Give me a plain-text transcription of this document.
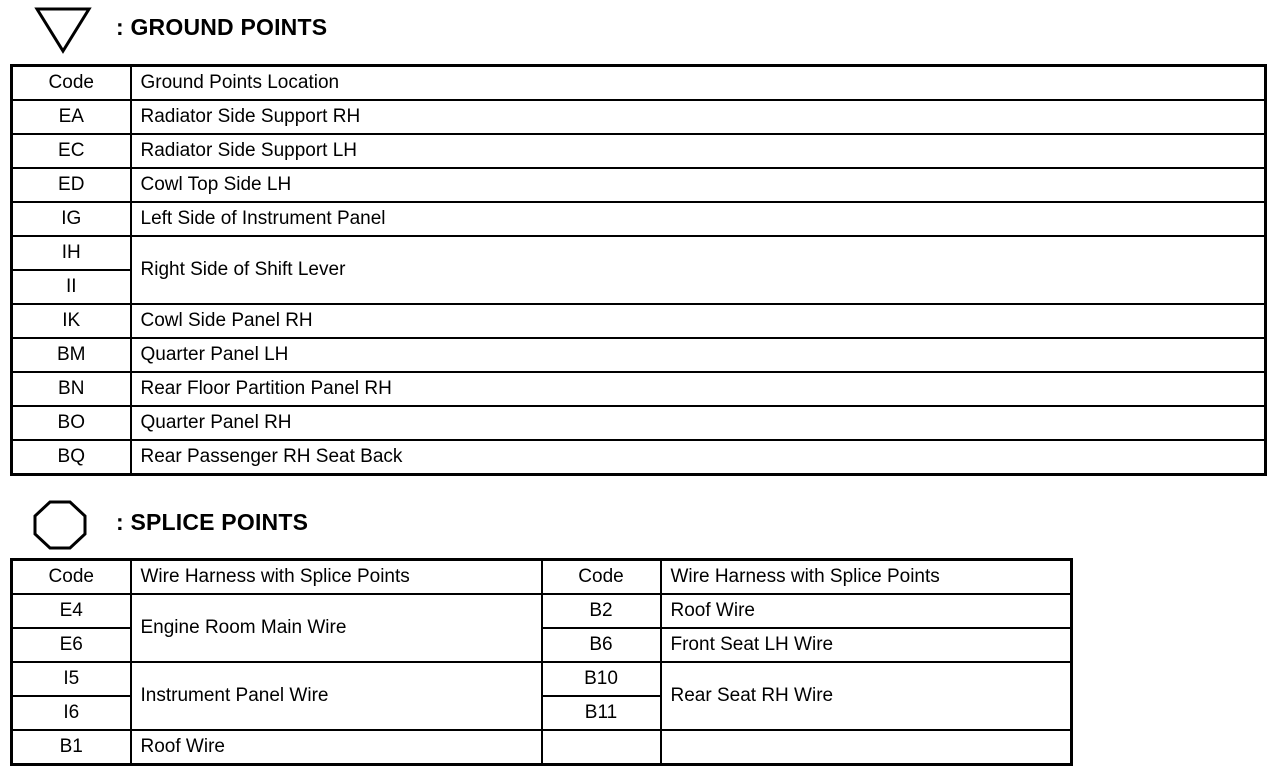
: GROUND POINTS
Code	Ground Points Location
EA	Radiator Side Support RH
EC	Radiator Side Support LH
ED	Cowl Top Side LH
IG	Left Side of Instrument Panel
IH	Right Side of Shift Lever
II	
IK	Cowl Side Panel RH
BM	Quarter Panel LH
BN	Rear Floor Partition Panel RH
BO	Quarter Panel RH
BQ	Rear Passenger RH Seat Back
: SPLICE POINTS
Code	Wire Harness with Splice Points	Code	Wire Harness with Splice Points
E4	Engine Room Main Wire	B2	Roof Wire
E6		B6	Front Seat LH Wire
I5	Instrument Panel Wire	B10	Rear Seat RH Wire
I6		B11	
B1	Roof Wire		
